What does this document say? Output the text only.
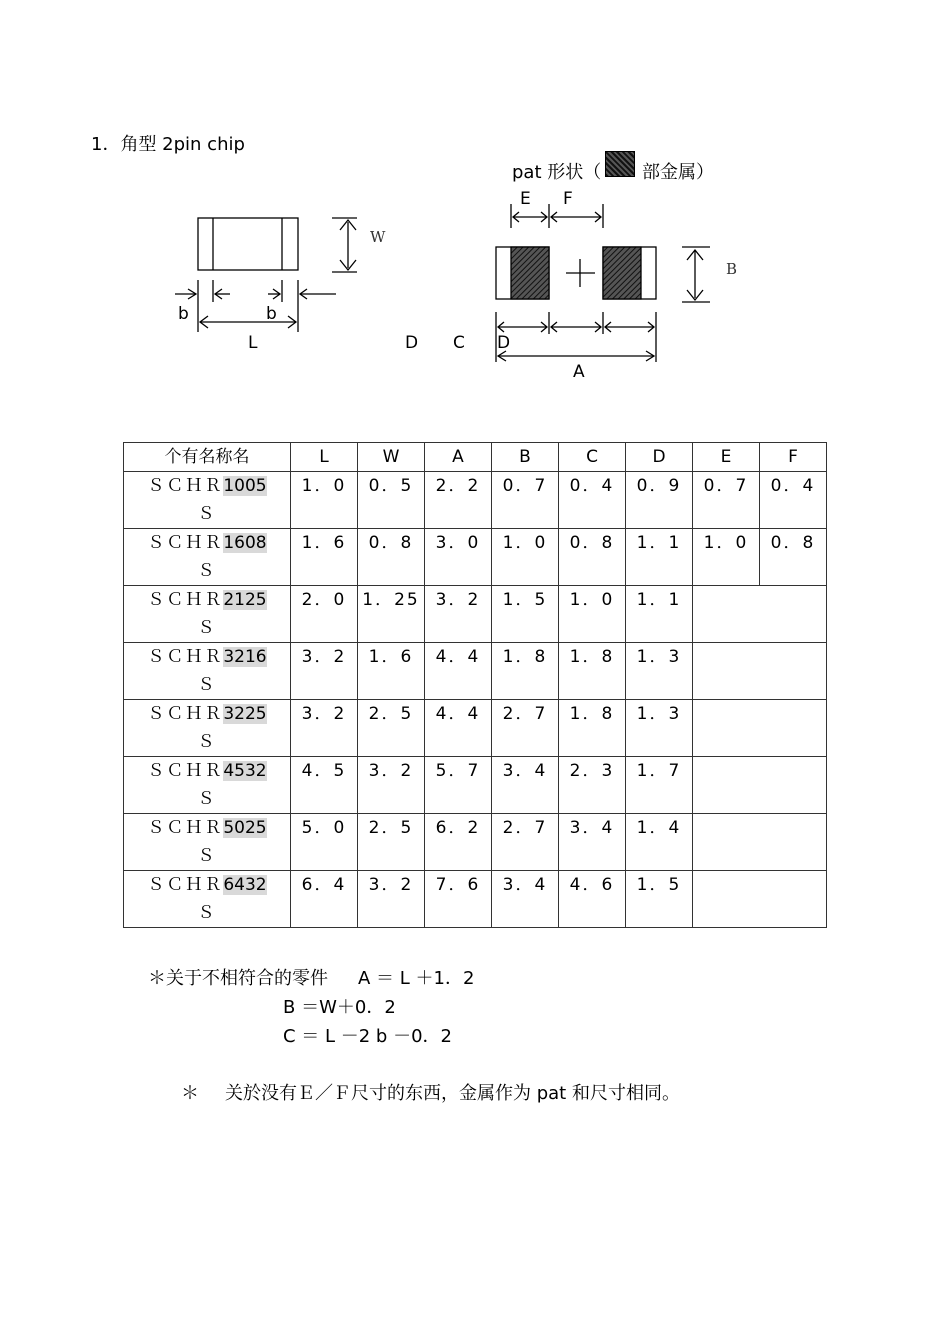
1．角型 2pin chip
pat 形状（ 部金属）
W
b	b
L
E F
B
D C D
A
个有名称名	L	W	A	B	C	D	E	F

ＳＣＨＲ1005
Ｓ	1．0	0．5	2．2	0．7	0．4	0．9	0．7	0．4

ＳＣＨＲ1608
Ｓ	1．6	0．8	3．0	1．0	0．8	1．1	1．0	0．8

ＳＣＨＲ2125
Ｓ	2．0	1．25	3．2	1．5	1．0	1．1		

ＳＣＨＲ3216
Ｓ	3．2	1．6	4．4	1．8	1．8	1．3		

ＳＣＨＲ3225
Ｓ	3．2	2．5	4．4	2．7	1．8	1．3		

ＳＣＨＲ4532
Ｓ	4．5	3．2	5．7	3．4	2．3	1．7		

ＳＣＨＲ5025
Ｓ	5．0	2．5	6．2	2．7	3．4	1．4		

ＳＣＨＲ6432
Ｓ	6．4	3．2	7．6	3．4	4．6	1．5		
＊关于不相符合的零件 A ＝ L ＋1．2
B ＝W＋0．2
C ＝ L －2 b －0．2
＊ 关於没有Ｅ／Ｆ尺寸的东西，金属作为 pat 和尺寸相同。
